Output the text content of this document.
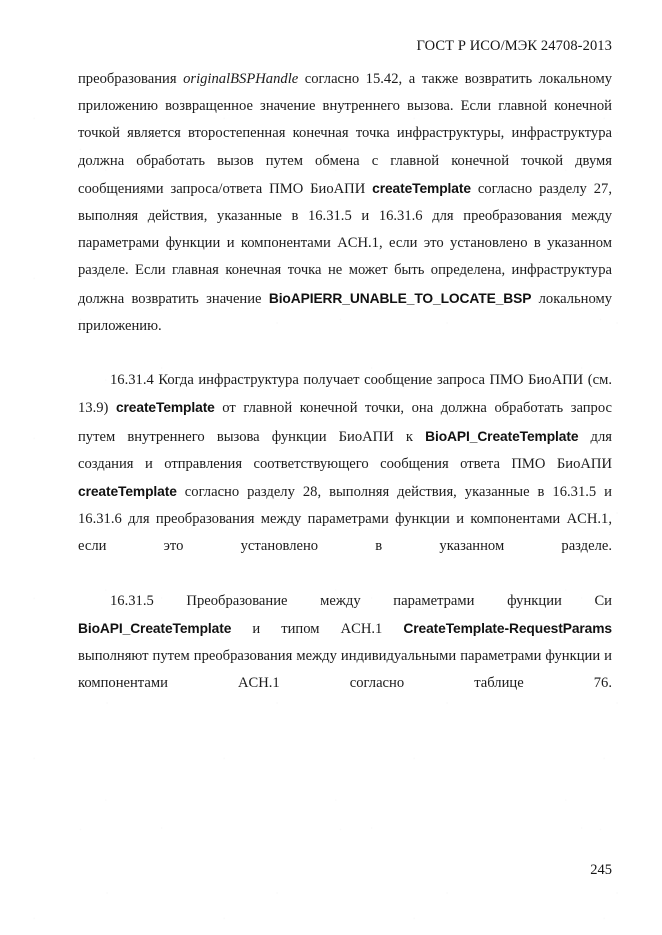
ГОСТ Р ИСО/МЭК 24708-2013

преобразования originalBSPHandle согласно 15.42, а также возвратить локальному приложению возвращенное значение внутреннего вызова. Если главной конечной точкой является второстепенная конечная точка инфраструктуры, инфраструктура должна обработать вызов путем обмена с главной конечной точкой двумя сообщениями запроса/ответа ПМО БиоАПИ createTemplate согласно разделу 27, выполняя действия, указанные в 16.31.5 и 16.31.6 для преобразования между параметрами функции и компонентами ACH.1, если это установлено в указанном разделе. Если главная конечная точка не может быть определена, инфраструктура должна возвратить значение BioAPIERR_UNABLE_TO_LOCATE_BSP локальному приложению.

16.31.4 Когда инфраструктура получает сообщение запроса ПМО БиоАПИ (см. 13.9) createTemplate от главной конечной точки, она должна обработать запрос путем внутреннего вызова функции БиоАПИ к BioAPI_CreateTemplate для создания и отправления соответствующего сообщения ответа ПМО БиоАПИ createTemplate согласно разделу 28, выполняя действия, указанные в 16.31.5 и 16.31.6 для преобразования между параметрами функции и компонентами ACH.1, если это установлено в указанном разделе.

16.31.5 Преобразование между параметрами функции Си BioAPI_CreateTemplate и типом ACH.1 CreateTemplate-RequestParams выполняют путем преобразования между индивидуальными параметрами функции и компонентами ACH.1 согласно таблице 76.

245
